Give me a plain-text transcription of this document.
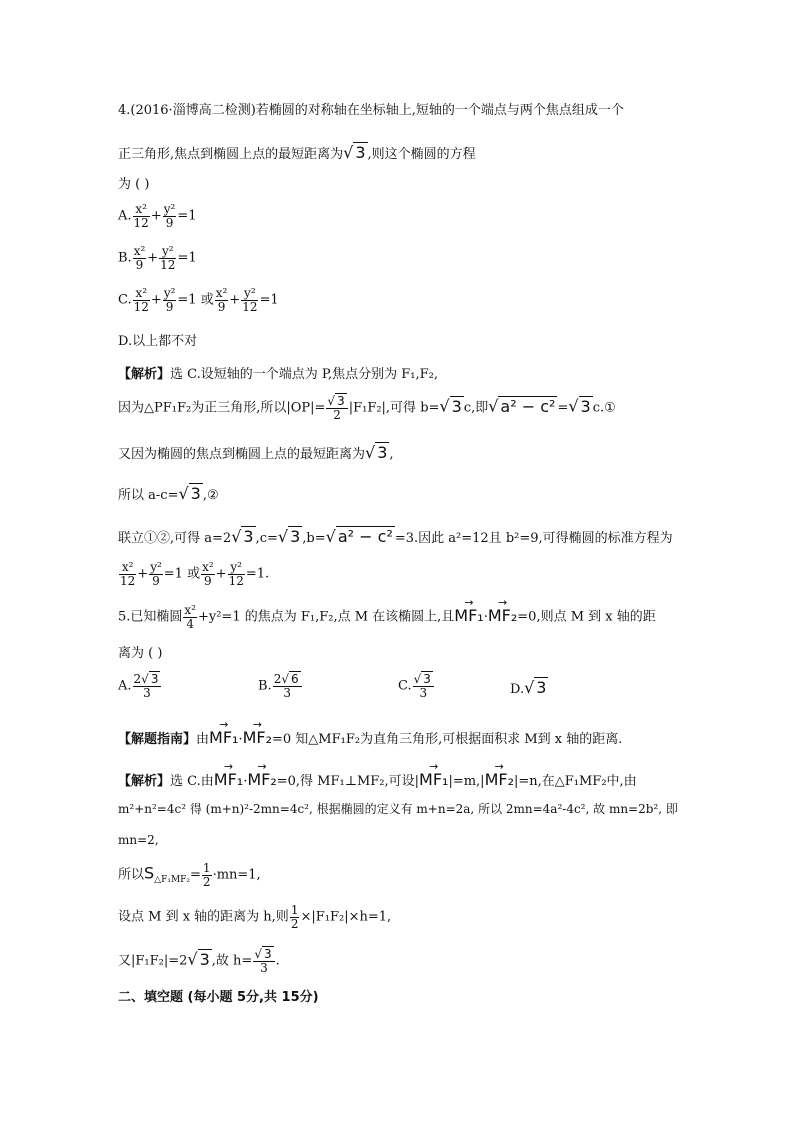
4.(2016·淄博高二检测)若椭圆的对称轴在坐标轴上,短轴的一个端点与两个焦点组成一个
正三角形,焦点到椭圆上点的最短距离为√ 3 ,则这个椭圆的方程
为 ( )
A. $\frac{\text{x²}}{12} + \frac{\text{y²}}{9} =1$
B. $\frac{\text{x²}}{9} + \frac{\text{y²}}{12} =1$
C. $\frac{\text{x²}}{12} + \frac{\text{y²}}{9} =1$ 或 $\frac{\text{x²}}{9} + \frac{\text{y²}}{12} =1$
D.以上都不对
【解析】选 C.设短轴的一个端点为 P,焦点分别为 F₁,F₂,
因为△PF₁F₂为正三角形,所以$|OP|= \frac{√ 3}{2} |F_1F_2|$,可得 b=√ 3 c,即√ a² − c² =√ 3 c.①
又因为椭圆的焦点到椭圆上点的最短距离为√ 3 ,
所以 a-c=√ 3 ,②
联立①②,可得 a=2√ 3 ,c=√ 3 ,b=√ a² − c² =3.因此 a²=12且 b²=9,可得椭圆的标准方程为
$\frac{\text{x²}}{12} + \frac{\text{y²}}{9} =1$ 或 $\frac{\text{x²}}{9} + \frac{\text{y²}}{12} =1$.
5.已知椭圆 $\frac{\text{x²}}{4} +y^2=1$ 的焦点为 F₁,F₂,点 M 在该椭圆上,且
→
MF₁·
→
MF₂=0,则点 M 到 x 轴的距
离为 ( )
A. $\frac{2√ 3}{3}$	B. $\frac{2√ 6}{3}$	C. $\frac{√ 3}{3}$	D.√ 3
【解题指南】由
→
MF₁·
→
MF₂=0 知△MF₁F₂为直角三角形,可根据面积求 M到 x 轴的距离.
【解析】选 C.由
→
MF₁·
→
MF₂=0,得 MF₁⊥MF₂,可设|
→
MF₁|=m,|
→
MF₂|=n,在△F₁MF₂中,由
m²+n²=4c² 得 (m+n)²-2mn=4c², 根据椭圆的定义有 m+n=2a, 所以 2mn=4a²-4c², 故 mn=2b², 即
mn=2,
所以$S_{\triangle F_1MF_2}= \frac{1}{2} \cdot mn=1$,
设点 M 到 x 轴的距离为 h,则 $\frac{1}{2} \times|F_1F_2|\times h=1$,
又|F₁F₂|=2√ 3 ,故 $h= \frac{√ 3}{3}$ .
二、填空题 (每小题 5分,共 15分)
